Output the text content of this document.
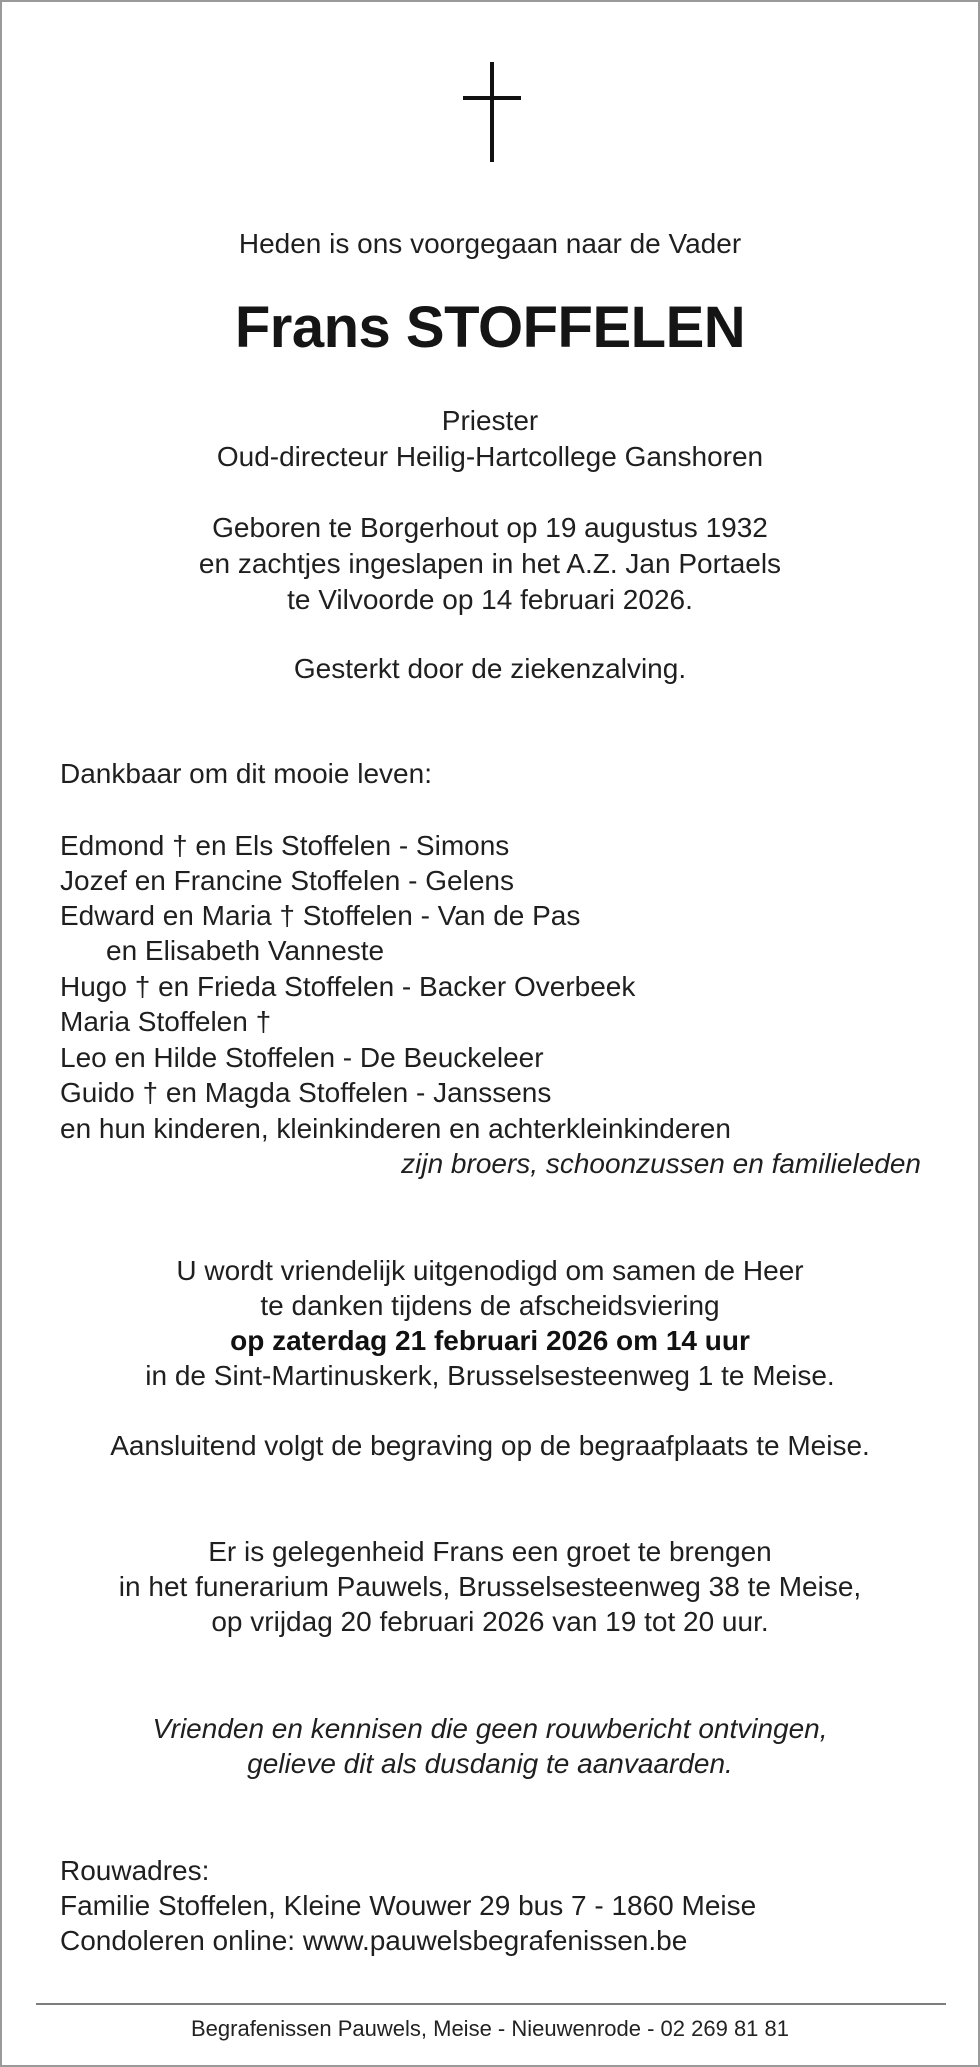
Heden is ons voorgegaan naar de Vader
Frans STOFFELEN
Priester
Oud-directeur Heilig-Hartcollege Ganshoren
Geboren te Borgerhout op 19 augustus 1932
en zachtjes ingeslapen in het A.Z. Jan Portaels
te Vilvoorde op 14 februari 2026.
Gesterkt door de ziekenzalving.
Dankbaar om dit mooie leven:
Edmond † en Els Stoffelen - Simons
Jozef en Francine Stoffelen - Gelens
Edward en Maria † Stoffelen - Van de Pas
en Elisabeth Vanneste
Hugo † en Frieda Stoffelen - Backer Overbeek
Maria Stoffelen †
Leo en Hilde Stoffelen - De Beuckeleer
Guido † en Magda Stoffelen - Janssens
en hun kinderen, kleinkinderen en achterkleinkinderen
zijn broers, schoonzussen en familieleden
U wordt vriendelijk uitgenodigd om samen de Heer
te danken tijdens de afscheidsviering
op zaterdag 21 februari 2026 om 14 uur
in de Sint-Martinuskerk, Brusselsesteenweg 1 te Meise.
Aansluitend volgt de begraving op de begraafplaats te Meise.
Er is gelegenheid Frans een groet te brengen
in het funerarium Pauwels, Brusselsesteenweg 38 te Meise,
op vrijdag 20 februari 2026 van 19 tot 20 uur.
Vrienden en kennisen die geen rouwbericht ontvingen,
gelieve dit als dusdanig te aanvaarden.
Rouwadres:
Familie Stoffelen, Kleine Wouwer 29 bus 7 - 1860 Meise
Condoleren online: www.pauwelsbegrafenissen.be
Begrafenissen Pauwels, Meise - Nieuwenrode - 02 269 81 81
